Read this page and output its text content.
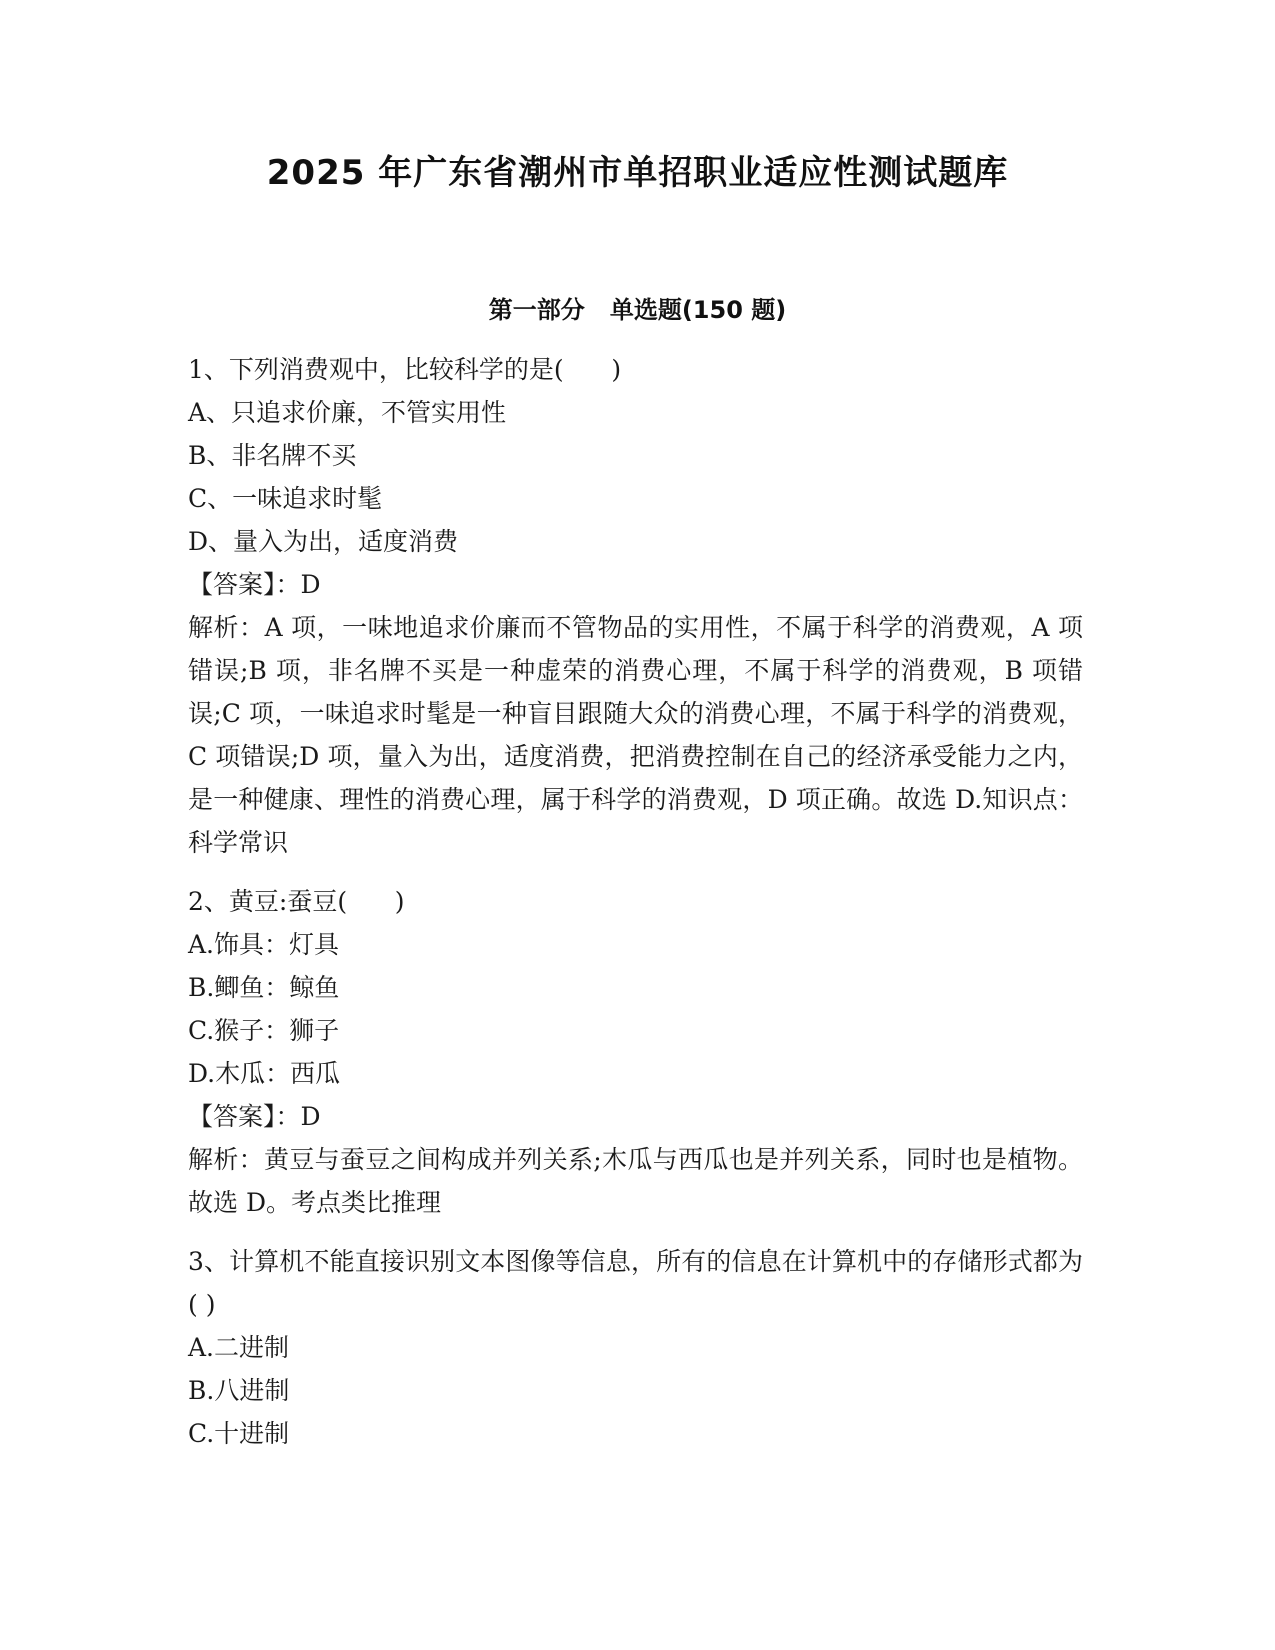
2025 年广东省潮州市单招职业适应性测试题库
第一部分   单选题(150 题)
1、下列消费观中，比较科学的是(      )
A、只追求价廉，不管实用性
B、非名牌不买
C、一味追求时髦
D、量入为出，适度消费
【答案】：D
解析：A 项，一味地追求价廉而不管物品的实用性，不属于科学的消费观，A 项错误;B 项，非名牌不买是一种虚荣的消费心理，不属于科学的消费观，B 项错误;C 项，一味追求时髦是一种盲目跟随大众的消费心理，不属于科学的消费观，C 项错误;D 项，量入为出，适度消费，把消费控制在自己的经济承受能力之内，是一种健康、理性的消费心理，属于科学的消费观，D 项正确。故选 D.知识点：科学常识
2、黄豆:蚕豆(      )
A.饰具：灯具
B.鲫鱼：鲸鱼
C.猴子：狮子
D.木瓜：西瓜
【答案】：D
解析：黄豆与蚕豆之间构成并列关系;木瓜与西瓜也是并列关系，同时也是植物。故选 D。考点类比推理
3、计算机不能直接识别文本图像等信息，所有的信息在计算机中的存储形式都为( )
A.二进制
B.八进制
C.十进制
